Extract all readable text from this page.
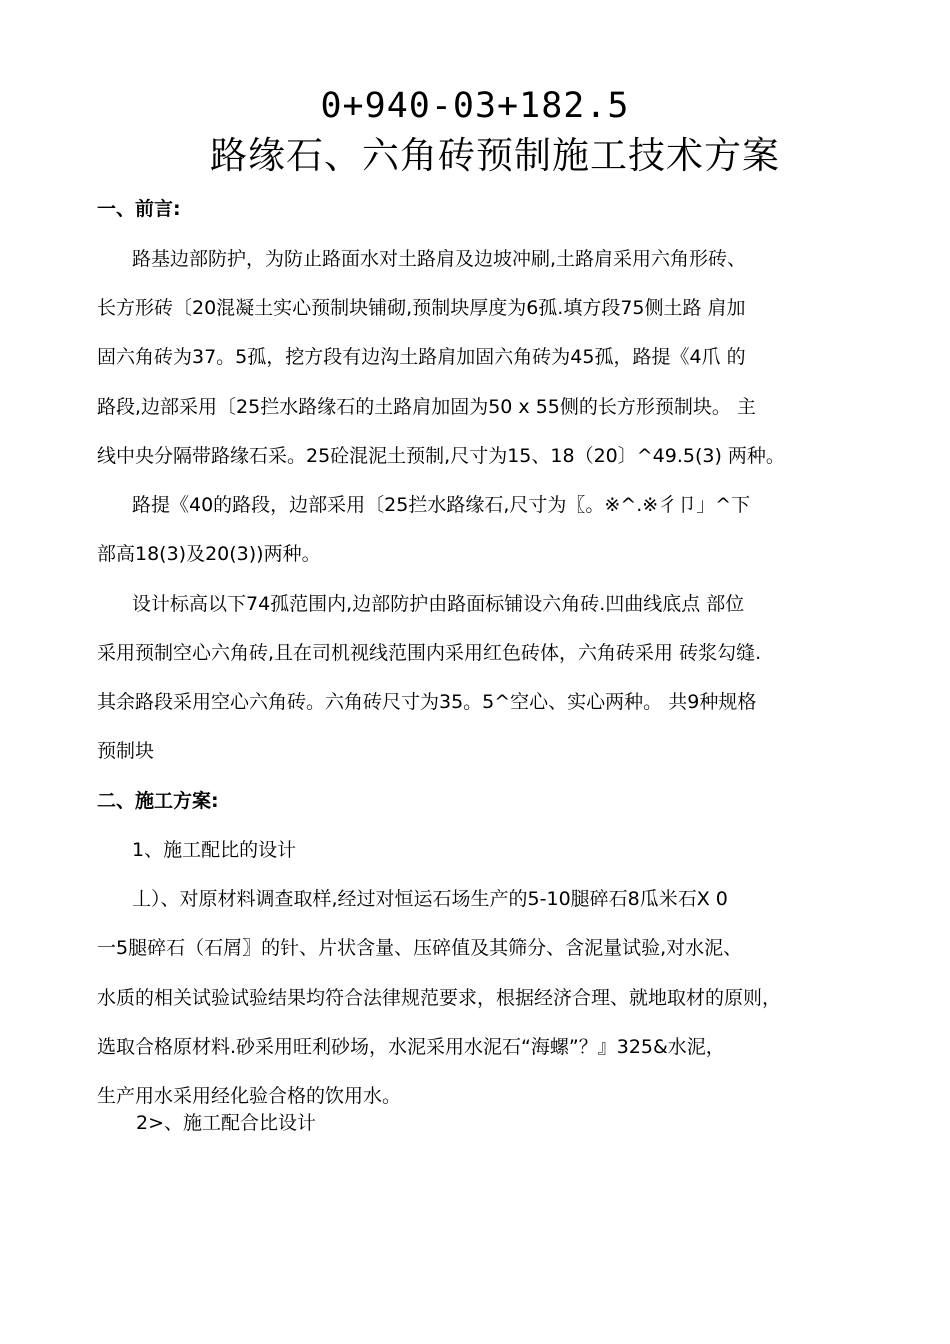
0+940-03+182.5
路缘石、六角砖预制施工技术方案
一、前言:
路基边部防护，为防止路面水对土路肩及边坡冲刷,土路肩采用六角形砖、
长方形砖〔20混凝土实心预制块铺砌,预制块厚度为6孤.填方段75侧土路 肩加
固六角砖为37。5孤，挖方段有边沟土路肩加固六角砖为45孤，路提《4爪 的
路段,边部采用〔25拦水路缘石的土路肩加固为50 x 55侧的长方形预制块。 主
线中央分隔带路缘石采。25砼混泥土预制,尺寸为15、18（20〕^49.5(3) 两种。
路提《40的路段，边部采用〔25拦水路缘石,尺寸为〖。※^.※彳卩」^下
部高18(3)及20(3))两种。
设计标高以下74孤范围内,边部防护由路面标铺设六角砖.凹曲线底点 部位
采用预制空心六角砖,且在司机视线范围内采用红色砖体，六角砖采用 砖浆勾缝.
其余路段采用空心六角砖。六角砖尺寸为35。5^空心、实心两种。 共9种规格
预制块
二、施工方案:
1、施工配比的设计
丄）、对原材料调查取样,经过对恒运石场生产的5-10腿碎石8瓜米石Χ 0
一5腿碎石（石屑〗的针、片状含量、压碎值及其筛分、含泥量试验,对水泥、
水质的相关试验试验结果均符合法律规范要求，根据经济合理、就地取材的原则，
选取合格原材料.砂采用旺利砂场，水泥采用水泥石“海螺”？』325&水泥，
生产用水采用经化验合格的饮用水。
2>、施工配合比设计
